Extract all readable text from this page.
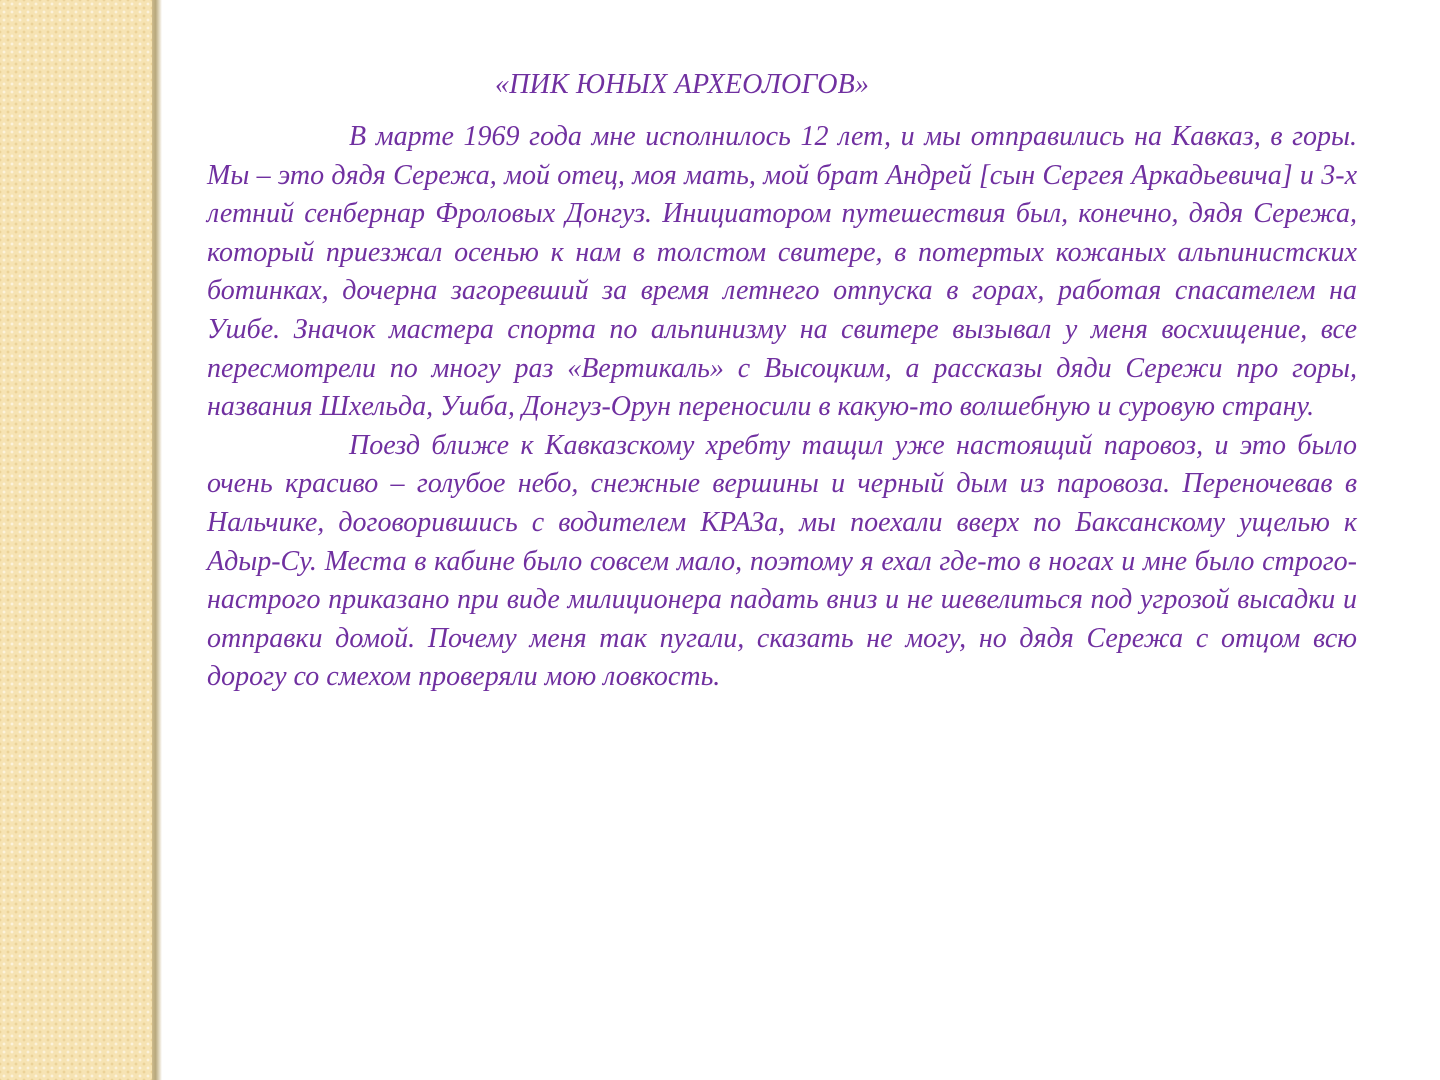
«ПИК ЮНЫХ АРХЕОЛОГОВ»

В марте 1969 года мне исполнилось 12 лет, и мы отправились на Кавказ, в горы. Мы – это дядя Сережа, мой отец, моя мать, мой брат Андрей [сын Сергея Аркадьевича] и 3-х летний сенбернар Фроловых Донгуз. Инициатором путешествия был, конечно, дядя Сережа, который приезжал осенью к нам в толстом свитере, в потертых кожаных альпинистских ботинках, дочерна загоревший за время летнего отпуска в горах, работая спасателем на Ушбе. Значок мастера спорта по альпинизму на свитере вызывал у меня восхищение, все пересмотрели по многу раз «Вертикаль» с Высоцким, а рассказы дяди Сережи про горы, названия Шхельда, Ушба, Донгуз-Орун переносили в какую-то волшебную и суровую страну.

Поезд ближе к Кавказскому хребту тащил уже настоящий паровоз, и это было очень красиво – голубое небо, снежные вершины и черный дым из паровоза. Переночевав в Нальчике, договорившись с водителем КРАЗа, мы поехали вверх по Баксанскому ущелью к Адыр-Су. Места в кабине было совсем мало, поэтому я ехал где-то в ногах и мне было строго-настрого приказано при виде милиционера падать вниз и не шевелиться под угрозой высадки и отправки домой. Почему меня так пугали, сказать не могу, но дядя Сережа с отцом всю дорогу со смехом проверяли мою ловкость.
